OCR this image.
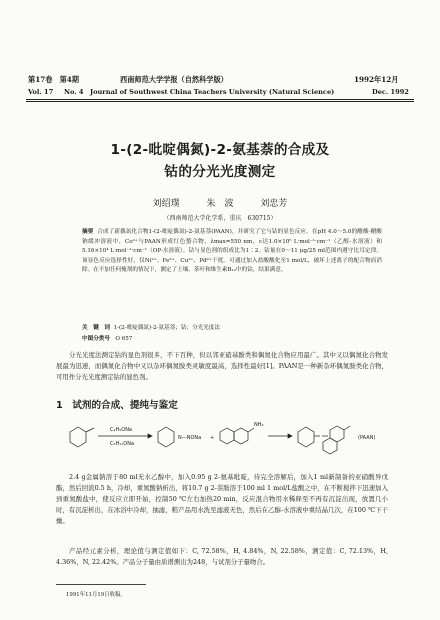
第17卷　第4期	西南师范大学学报（自然科学版）	1992年12月
Vol. 17 No. 4 Journal of Southwest China Teachers University (Natural Science)	Dec. 1992
1-(2-吡啶偶氮)-2-氨基萘的合成及
钴的分光光度测定
刘绍璞	朱　波	刘忠芳
（西南师范大学化学系，重庆　630715）
摘要 合成了新偶氮化合物1-(2-吡啶偶氮)-2-氨基萘(PAAN)，并研究了它与钴的显色反应。在pH 4.0～5.0的醋酸-醋酸钠缓冲溶液中，Co²⁺与PAAN形成红色螯合物，λmax=550 nm，ε达1.0×10⁵ L·mol⁻¹·cm⁻¹（乙醇-水溶液）和5.16×10⁴ L·mol⁻¹·cm⁻¹（OP-水溶液）。钴与显色剂的组成比为1∶2。钴量在0～11 μg/25 ml范围内遵守比耳定律。该显色反应选择性好，仅Ni²⁺、Fe³⁺、Cu²⁺、Pd²⁺干扰。可通过加入盐酸酸化至1 mol/L，破坏上述离子的配合物而消除。在不加任何掩剂的情况下，测定了土壤、茶叶和维生素B₁₂中的钴，结果满意。
关　键　词 1-(2-吡啶偶氮)-2-氨基萘；钴；分光光度法
中图分类号 O 657
分光光度法测定钴的显色剂很多，不下百种，但以邻亚硝基酚类和偶氮化合物应用最广。其中又以偶氮化合物发展最为迅速，而偶氮化合物中又以杂环偶氮胺类灵敏度最高，选择性最好[1]。PAAN是一种新杂环偶氮胺类化合物，可用作分光光度测定钴的显色剂。
1　试剂的合成、提纯与鉴定
C₂H₅ONa
C₅H₁₁ONa
N—NONa +
NH₂
(PAAN)
2.4 g金属钠溶于80 ml无水乙醇中，加入0.95 g 2-氨基吡啶，待完全溶解后，加入1 ml新制备的亚硝酸异戊酯，然后回流0.5 h，冷却，重氮酸钠析出，将10.7 g 2-萘胺溶于100 ml 1 mol/L盐酸之中，在不断搅拌下迅速加入到重氮酸盐中，使反应立即开始，控制50 ℃左右加热20 min，反应混合物用水稀释至不再有沉淀出现，放置几小时，有沉淀析出，在冰浴中冷却，抽滤，粗产品用水洗至滤液无色，然后在乙醇-水溶液中重结晶几次，在100 ℃下干燥。
产品经元素分析，理论值与测定值如下：C, 72.58%，H, 4.84%，N, 22.58%，测定值：C, 72.13%，H, 4.36%，N, 22.42%。产品分子量由质谱测出为248，与试剂分子量吻合。
1991年11月19日收稿。
